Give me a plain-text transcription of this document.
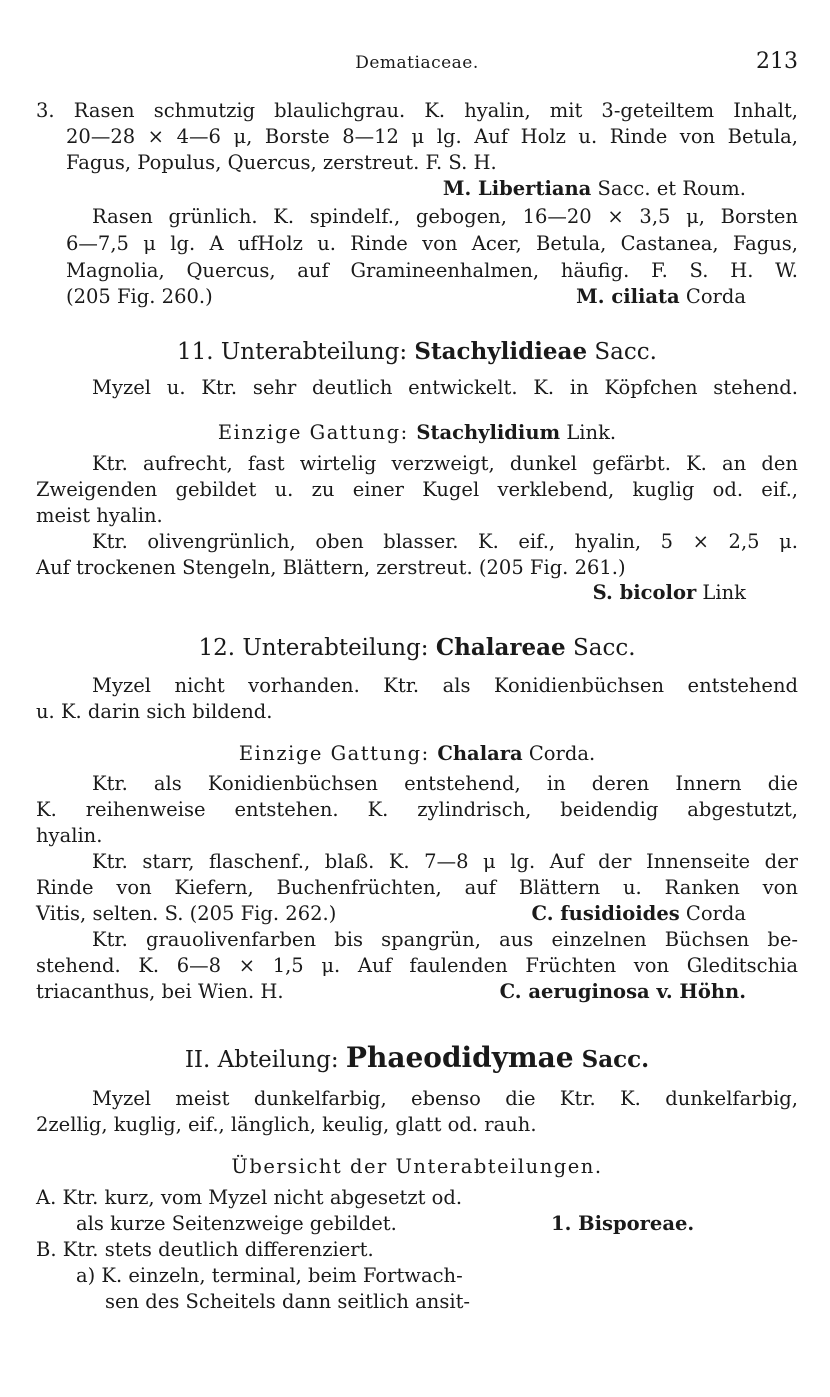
Dematiaceae.	213
3. Rasen schmutzig blaulichgrau. K. hyalin, mit 3-geteiltem Inhalt,
20—28 × 4—6 μ, Borste 8—12 μ lg. Auf Holz u. Rinde von Betula,
Fagus, Populus, Quercus, zerstreut. F. S. H.
M. Libertiana Sacc. et Roum.
Rasen grünlich. K. spindelf., gebogen, 16—20 × 3,5 μ, Borsten
6—7,5 μ lg. A ufHolz u. Rinde von Acer, Betula, Castanea, Fagus,
Magnolia, Quercus, auf Gramineenhalmen, häufig. F. S. H. W.
(205 Fig. 260.)	M. ciliata Corda
11. Unterabteilung: Stachylidieae Sacc.
Myzel u. Ktr. sehr deutlich entwickelt. K. in Köpfchen stehend.
Einzige Gattung: Stachylidium Link.
Ktr. aufrecht, fast wirtelig verzweigt, dunkel gefärbt. K. an den
Zweigenden gebildet u. zu einer Kugel verklebend, kuglig od. eif.,
meist hyalin.
Ktr. olivengrünlich, oben blasser. K. eif., hyalin, 5 × 2,5 μ.
Auf trockenen Stengeln, Blättern, zerstreut. (205 Fig. 261.)
S. bicolor Link
12. Unterabteilung: Chalareae Sacc.
Myzel nicht vorhanden. Ktr. als Konidienbüchsen entstehend
u. K. darin sich bildend.
Einzige Gattung: Chalara Corda.
Ktr. als Konidienbüchsen entstehend, in deren Innern die
K. reihenweise entstehen. K. zylindrisch, beidendig abgestutzt,
hyalin.
Ktr. starr, flaschenf., blaß. K. 7—8 μ lg. Auf der Innenseite der
Rinde von Kiefern, Buchenfrüchten, auf Blättern u. Ranken von
Vitis, selten. S. (205 Fig. 262.)	C. fusidioides Corda
Ktr. grauolivenfarben bis spangrün, aus einzelnen Büchsen be-
stehend. K. 6—8 × 1,5 μ. Auf faulenden Früchten von Gleditschia
triacanthus, bei Wien. H.	C. aeruginosa v. Höhn.
II. Abteilung: Phaeodidymae Sacc.
Myzel meist dunkelfarbig, ebenso die Ktr. K. dunkelfarbig,
2zellig, kuglig, eif., länglich, keulig, glatt od. rauh.
Übersicht der Unterabteilungen.
A. Ktr. kurz, vom Myzel nicht abgesetzt od.
als kurze Seitenzweige gebildet.	1. Bisporeae.
B. Ktr. stets deutlich differenziert.
a) K. einzeln, terminal, beim Fortwach-
sen des Scheitels dann seitlich ansit-
